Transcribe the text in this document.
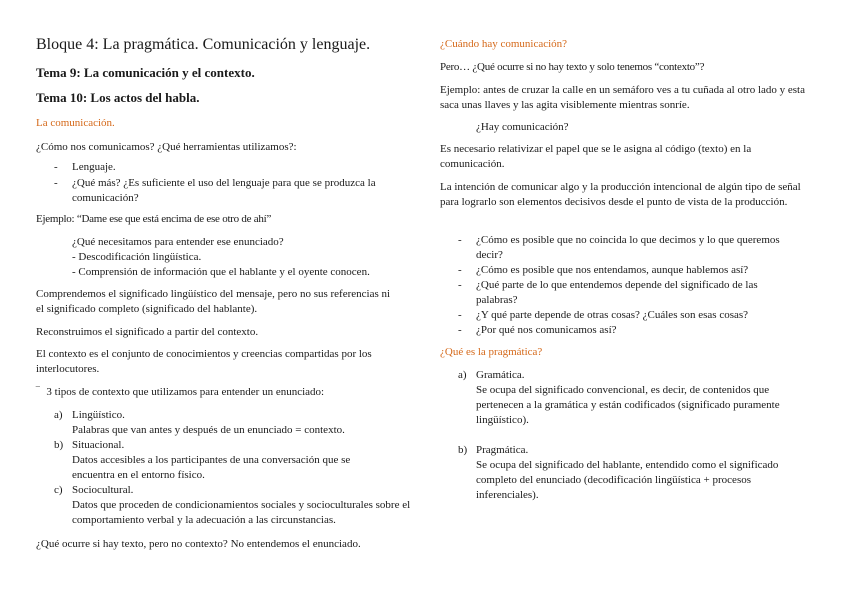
Bloque 4: La pragmática. Comunicación y lenguaje.
Tema 9: La comunicación y el contexto.
Tema 10: Los actos del habla.
La comunicación.
¿Cómo nos comunicamos? ¿Qué herramientas utilizamos?:
- Lenguaje.
- ¿Qué más? ¿Es suficiente el uso del lenguaje para que se produzca la comunicación?
Ejemplo: “Dame ese que está encima de ese otro de ahí”
¿Qué necesitamos para entender ese enunciado?
- Descodificación lingüística.
- Comprensión de información que el hablante y el oyente conocen.
Comprendemos el significado lingüístico del mensaje, pero no sus referencias ni el significado completo (significado del hablante).
Reconstruimos el significado a partir del contexto.
El contexto es el conjunto de conocimientos y creencias compartidas por los interlocutores.
‾ 3 tipos de contexto que utilizamos para entender un enunciado:
a) Lingüístico.
Palabras que van antes y después de un enunciado = contexto.
b) Situacional.
Datos accesibles a los participantes de una conversación que se encuentra en el entorno físico.
c) Sociocultural.
Datos que proceden de condicionamientos sociales y socioculturales sobre el comportamiento verbal y la adecuación a las circunstancias.
¿Qué ocurre si hay texto, pero no contexto? No entendemos el enunciado.
¿Cuándo hay comunicación?
Pero… ¿Qué ocurre si no hay texto y solo tenemos “contexto”?
Ejemplo: antes de cruzar la calle en un semáforo ves a tu cuñada al otro lado y esta saca unas llaves y las agita visiblemente mientras sonríe.
¿Hay comunicación?
Es necesario relativizar el papel que se le asigna al código (texto) en la comunicación.
La intención de comunicar algo y la producción intencional de algún tipo de señal para lograrlo son elementos decisivos desde el punto de vista de la producción.
- ¿Cómo es posible que no coincida lo que decimos y lo que queremos decir?
- ¿Cómo es posible que nos entendamos, aunque hablemos así?
- ¿Qué parte de lo que entendemos depende del significado de las palabras?
- ¿Y qué parte depende de otras cosas? ¿Cuáles son esas cosas?
- ¿Por qué nos comunicamos así?
¿Qué es la pragmática?
a) Gramática.
Se ocupa del significado convencional, es decir, de contenidos que pertenecen a la gramática y están codificados (significado puramente lingüístico).
b) Pragmática.
Se ocupa del significado del hablante, entendido como el significado completo del enunciado (decodificación lingüística + procesos inferenciales).
